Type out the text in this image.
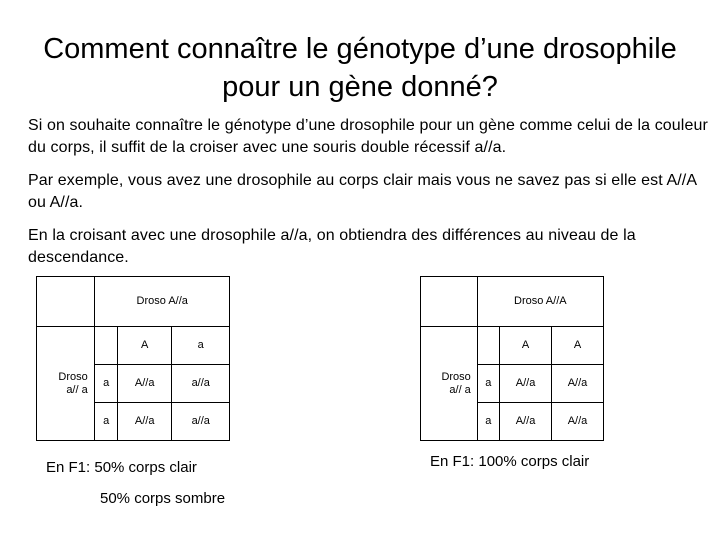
Comment connaître le génotype d’une drosophile pour un gène donné?

Si on souhaite connaître le génotype d’une drosophile pour un gène comme celui de la couleur du corps, il suffit de la croiser avec une souris double récessif a//a.

Par exemple, vous avez une drosophile au corps clair mais vous ne savez pas si elle est A//A ou A//a.

En la croisant avec une drosophile a//a, on obtiendra des différences au niveau de la descendance.

	Droso A//a		
Droso a// a		A	a
	a	A//a	a//a
	a	A//a	a//a

En F1: 50% corps clair

50% corps sombre

	Droso A//A		
Droso a// a		A	A
	a	A//a	A//a
	a	A//a	A//a

En F1: 100% corps clair
